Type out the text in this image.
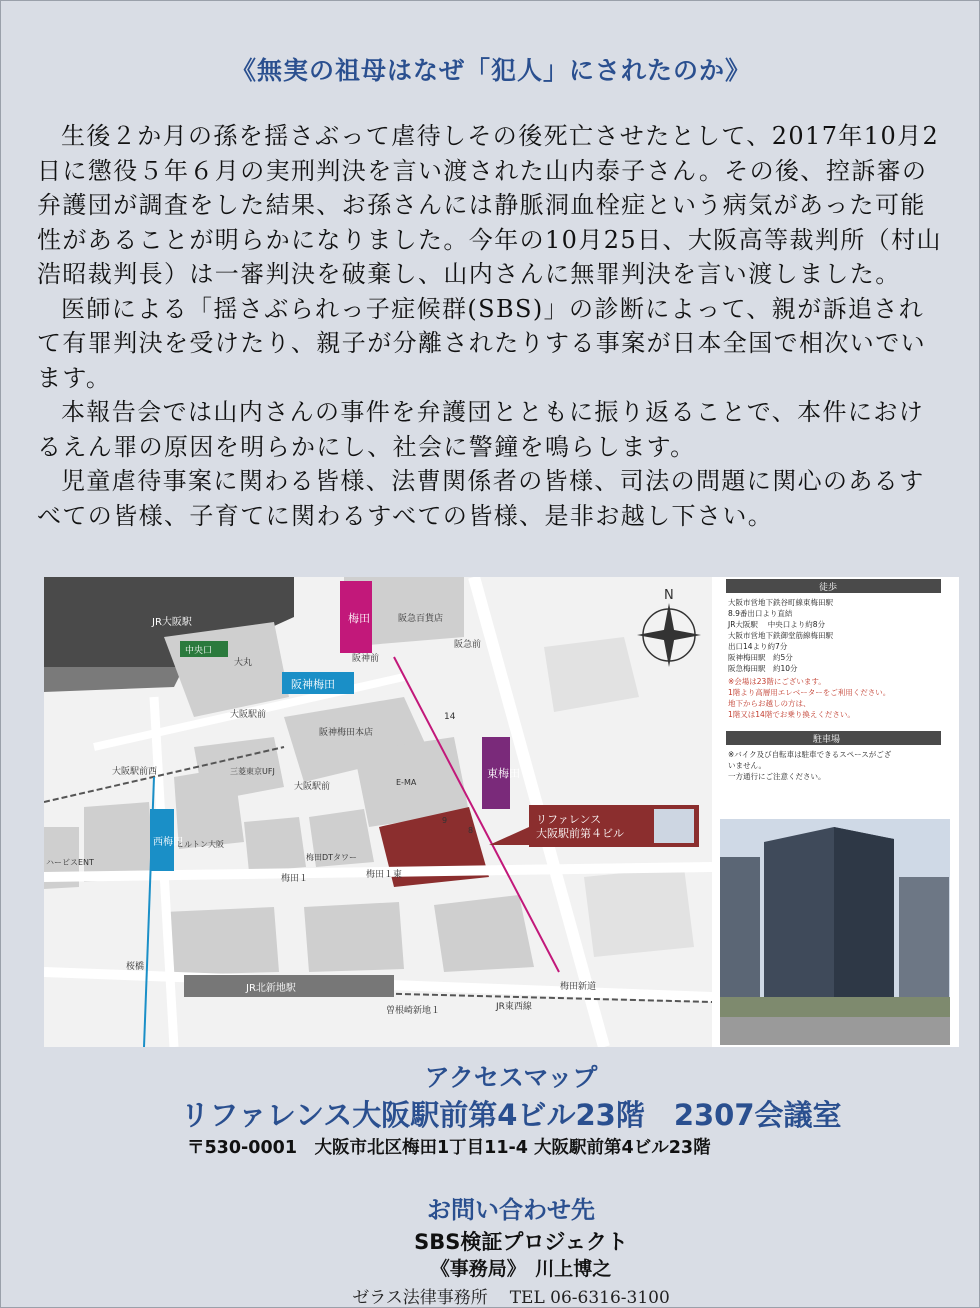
《無実の祖母はなぜ「犯人」にされたのか》

生後２か月の孫を揺さぶって虐待しその後死亡させたとして、2017年10月2日に懲役５年６月の実刑判決を言い渡された山内泰子さん。その後、控訴審の弁護団が調査をした結果、お孫さんには静脈洞血栓症という病気があった可能性があることが明らかになりました。今年の10月25日、大阪高等裁判所（村山浩昭裁判長）は一審判決を破棄し、山内さんに無罪判決を言い渡しました。

医師による「揺さぶられっ子症候群(SBS)」の診断によって、親が訴追されて有罪判決を受けたり、親子が分離されたりする事案が日本全国で相次いでいます。

本報告会では山内さんの事件を弁護団とともに振り返ることで、本件におけるえん罪の原因を明らかにし、社会に警鐘を鳴らします。

児童虐待事案に関わる皆様、法曹関係者の皆様、司法の問題に関心のあるすべての皆様、子育てに関わるすべての皆様、是非お越し下さい。

JR大阪駅
中央口
大丸
阪急百貨店
阪急前
阪神前
大阪駅前
阪神梅田本店
三菱東京UFJ
大阪駅前西
大阪駅前	E-MA
ヒルトン大阪
梅田DTタワー
ハービスENT
梅田１	梅田１東
桜橋
JR北新地駅	梅田新道
曽根崎新地１	JR東西線
14
9
8
N
梅田
阪神梅田
西梅田
東梅田
リファレンス大阪駅前第４ビル
徒歩
大阪市営地下鉄谷町線東梅田駅
8.9番出口より直結
JR大阪駅　 中央口より約8分
大阪市営地下鉄御堂筋線梅田駅
出口14より約7分
阪神梅田駅　約5分
阪急梅田駅　約10分
※会場は23階にございます。
1階より高層用エレベーターをご利用ください。
地下からお越しの方は、
1階又は14階でお乗り換えください。
駐車場
※バイク及び自転車は駐車できるスペースがござ
いません。
一方通行にご注意ください。
アクセスマップ
リファレンス大阪駅前第4ビル23階　2307会議室
〒530-0001　大阪市北区梅田1丁目11-4 大阪駅前第4ビル23階
お問い合わせ先
SBS検証プロジェクト
《事務局》　川上博之
ゼラス法律事務所 TEL 06-6316-3100
